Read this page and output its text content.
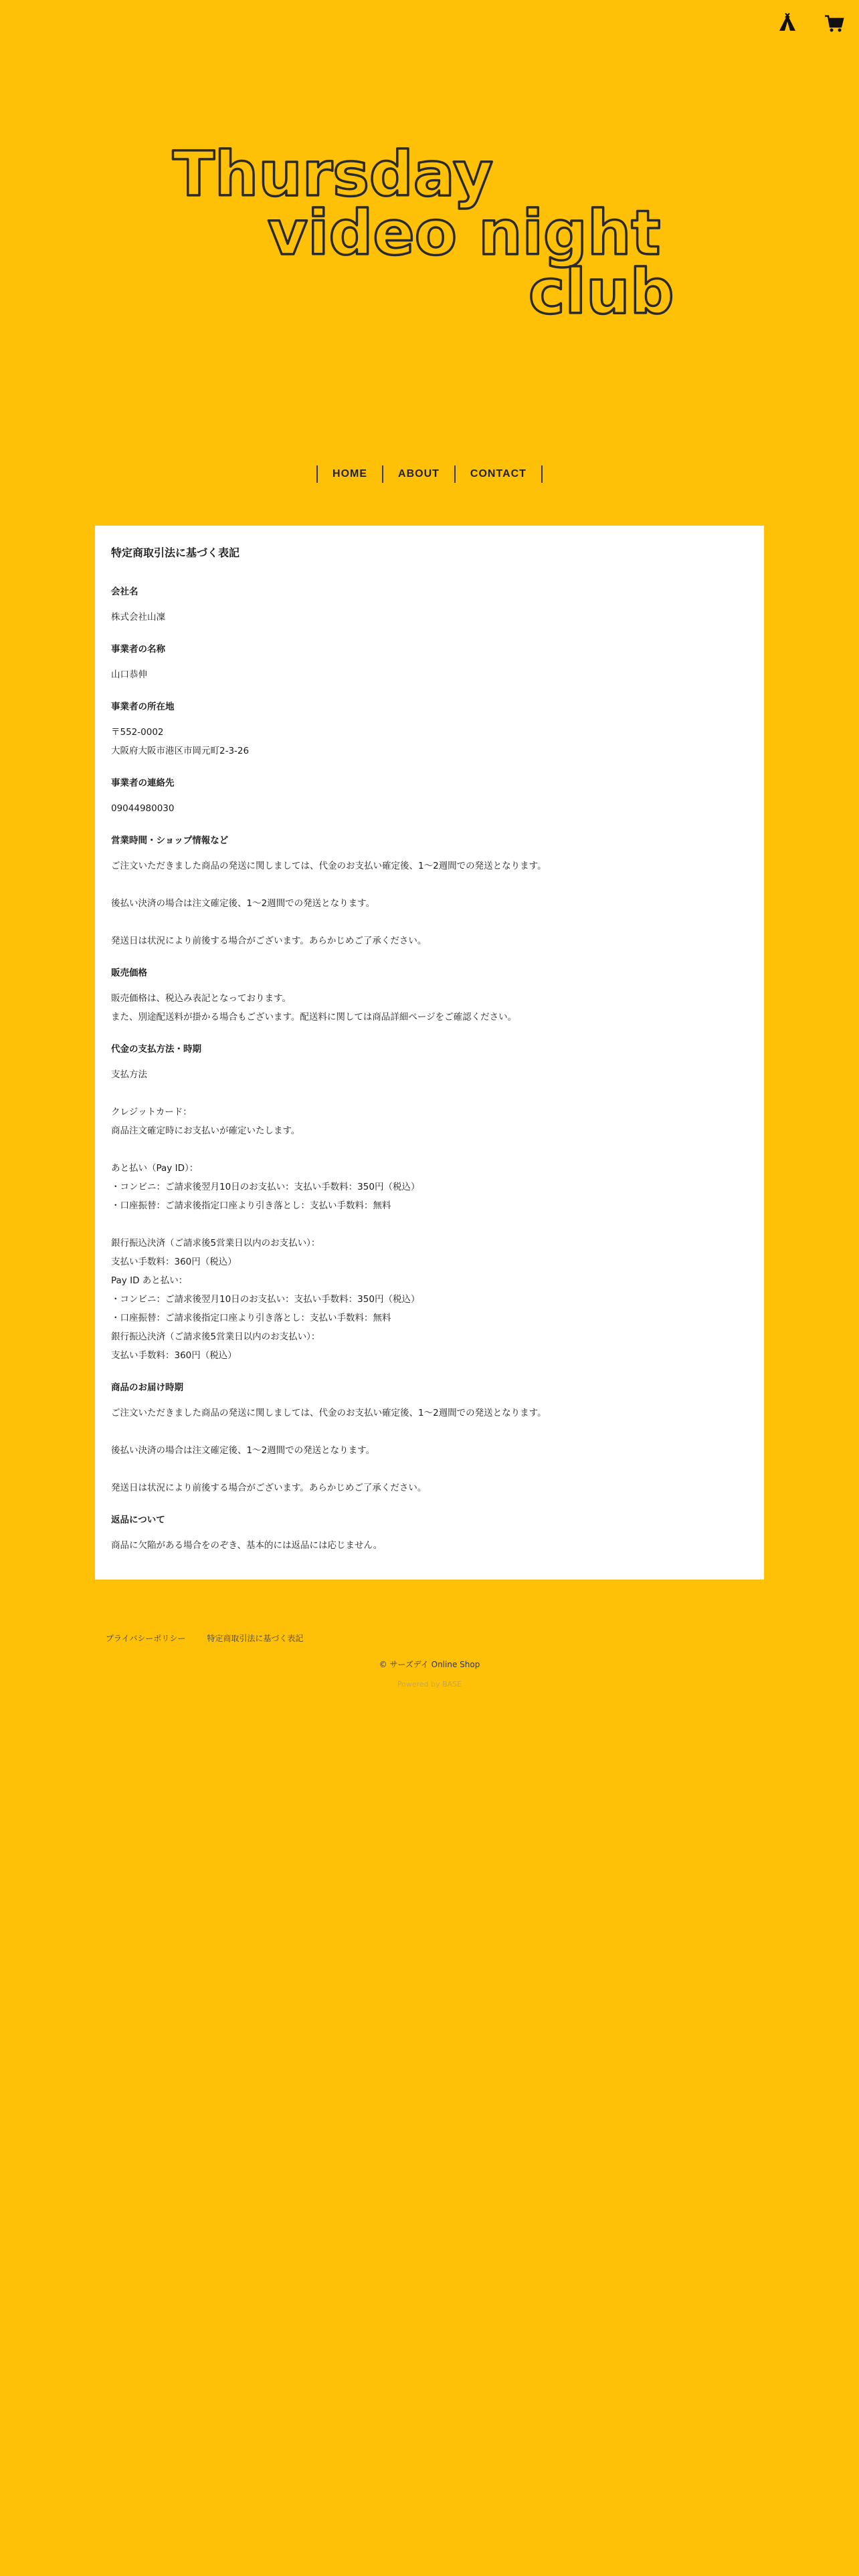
Thursday
video night
club
HOME	ABOUT	CONTACT
特定商取引法に基づく表記
会社名

株式会社山凜

事業者の名称

山口恭伸

事業者の所在地

〒552-0002

大阪府大阪市港区市岡元町2-3-26

事業者の連絡先

09044980030

営業時間・ショップ情報など

ご注文いただきました商品の発送に関しましては、代金のお支払い確定後、1〜2週間での発送となります。

後払い決済の場合は注文確定後、1〜2週間での発送となります。

発送日は状況により前後する場合がございます。あらかじめご了承ください。

販売価格

販売価格は、税込み表記となっております。

また、別途配送料が掛かる場合もございます。配送料に関しては商品詳細ページをご確認ください。

代金の支払方法・時期

支払方法

クレジットカード：

商品注文確定時にお支払いが確定いたします。

あと払い（Pay ID）：

・コンビニ：ご請求後翌月10日のお支払い：支払い手数料：350円（税込）

・口座振替：ご請求後指定口座より引き落とし：支払い手数料：無料

銀行振込決済（ご請求後5営業日以内のお支払い）：

支払い手数料：360円（税込）

Pay ID あと払い：

・コンビニ：ご請求後翌月10日のお支払い：支払い手数料：350円（税込）

・口座振替：ご請求後指定口座より引き落とし：支払い手数料：無料

銀行振込決済（ご請求後5営業日以内のお支払い）：

支払い手数料：360円（税込）

商品のお届け時期

ご注文いただきました商品の発送に関しましては、代金のお支払い確定後、1〜2週間での発送となります。

後払い決済の場合は注文確定後、1〜2週間での発送となります。

発送日は状況により前後する場合がございます。あらかじめご了承ください。

返品について

商品に欠陥がある場合をのぞき、基本的には返品には応じません。

プライバシーポリシー	特定商取引法に基づく表記
© サーズデイ Online Shop
Powered by BASE
